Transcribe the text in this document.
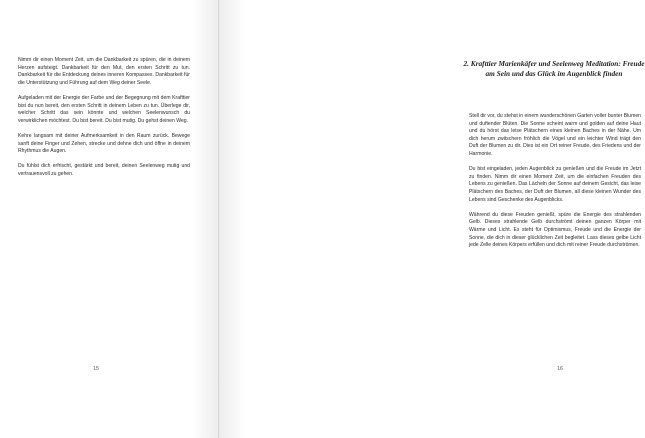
Nimm dir einen Moment Zeit, um die Dankbarkeit zu spüren, die in deinem Herzen aufsteigt. Dankbarkeit für den Mut, den ersten Schritt zu tun. Dankbarkeit für die Entdeckung deines inneren Kompasses. Dankbarkeit für die Unterstützung und Führung auf dem Weg deiner Seele.

Aufgeladen mit der Energie der Farbe und der Begegnung mit dem Krafttier bist du nun bereit, den ersten Schritt in deinem Leben zu tun. Überlege dir, welcher Schritt das sein könnte und welchen Seelenwunsch du verwirklichen möchtest. Du bist bereit. Du bist mutig. Du gehst deinen Weg.

Kehre langsam mit deiner Aufmerksamkeit in den Raum zurück. Bewege sanft deine Finger und Zehen, strecke und dehne dich und öffne in deinem Rhythmus die Augen.

Du fühlst dich erfrischt, gestärkt und bereit, deinen Seelenweg mutig und vertrauensvoll zu gehen.

15
2. Krafttier Marienkäfer und Seelenweg Meditation: Freude am Sein und das Glück im Augenblick finden

Stell dir vor, du stehst in einem wunderschönen Garten voller bunter Blumen und duftender Blüten. Die Sonne scheint warm und golden auf deine Haut und du hörst das leise Plätschern eines kleinen Baches in der Nähe. Um dich herum zwitschern fröhlich die Vögel und ein leichter Wind trägt den Duft der Blumen zu dir. Dies ist ein Ort reiner Freude, des Friedens und der Harmonie.

Du bist eingeladen, jeden Augenblick zu genießen und die Freude im Jetzt zu finden. Nimm dir einen Moment Zeit, um die einfachen Freuden des Lebens zu genießen. Das Lächeln der Sonne auf deinem Gesicht, das leise Plätschern des Baches, der Duft der Blumen, all diese kleinen Wunder des Lebens sind Geschenke des Augenblicks.

Während du diese Freuden genießt, spüre die Energie des strahlenden Gelb. Dieses strahlende Gelb durchströmt deinen ganzen Körper mit Wärme und Licht. Es steht für Optimismus, Freude und die Energie der Sonne, die dich in dieser glücklichen Zeit begleitet. Lass dieses gelbe Licht jede Zelle deines Körpers erfüllen und dich mit reiner Freude durchströmen.

16
